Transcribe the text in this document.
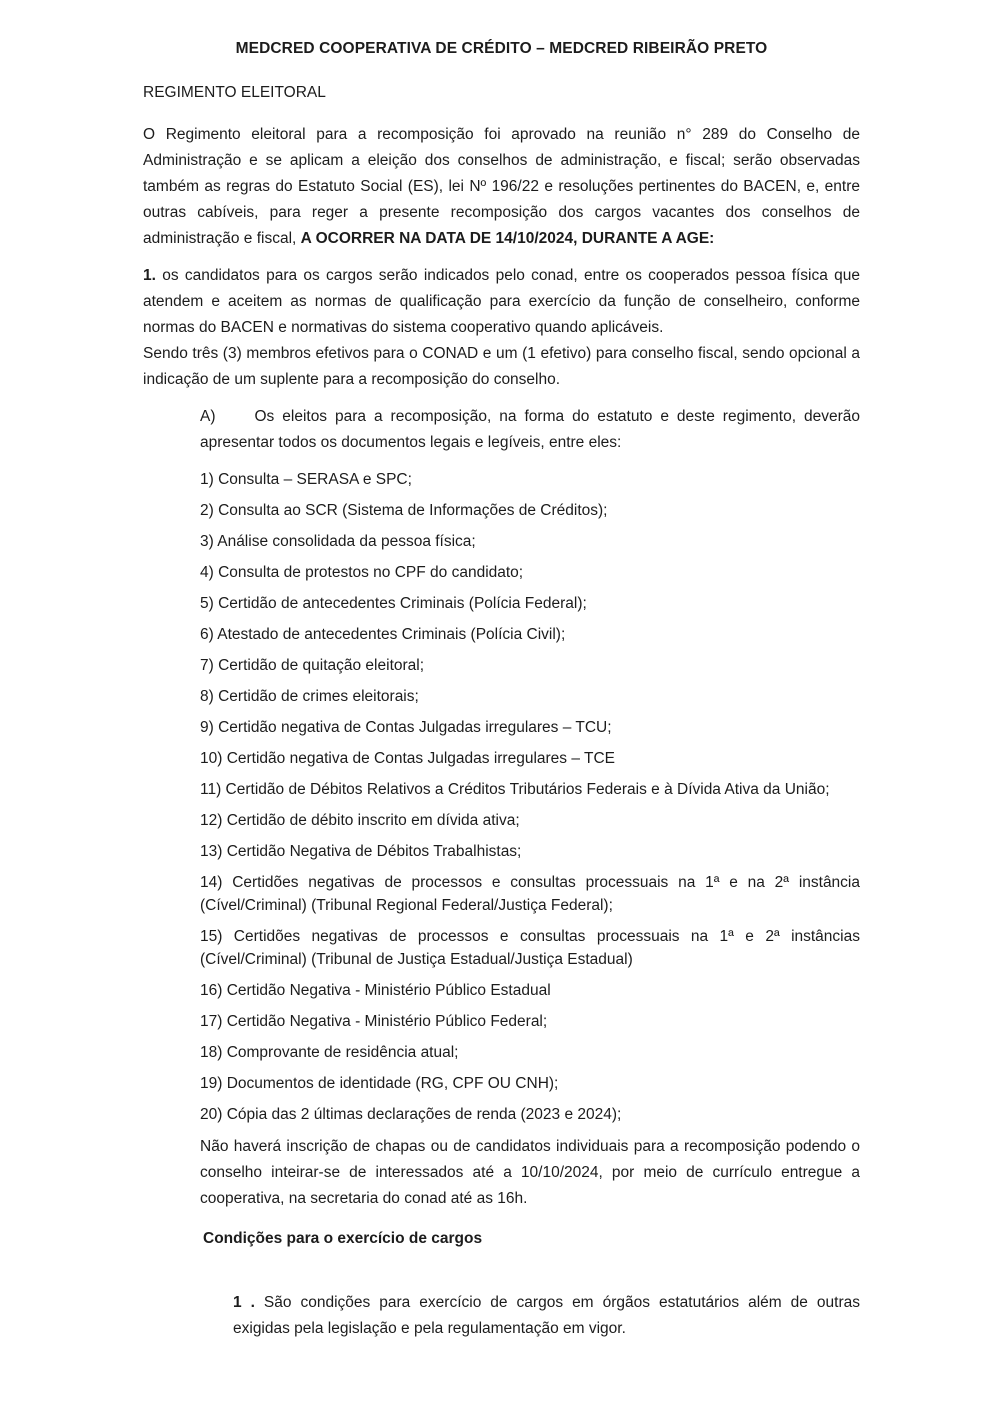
MEDCRED COOPERATIVA DE CRÉDITO – MEDCRED RIBEIRÃO PRETO

REGIMENTO ELEITORAL

O Regimento eleitoral para a recomposição foi aprovado na reunião n° 289 do Conselho de Administração e se aplicam a eleição dos conselhos de administração, e fiscal; serão observadas também as regras do Estatuto Social (ES), lei Nº 196/22 e resoluções pertinentes do BACEN, e, entre outras cabíveis, para reger a presente recomposição dos cargos vacantes dos conselhos de administração e fiscal, A OCORRER NA DATA DE 14/10/2024, DURANTE A AGE:

1. os candidatos para os cargos serão indicados pelo conad, entre os cooperados pessoa física que atendem e aceitem as normas de qualificação para exercício da função de conselheiro, conforme normas do BACEN e normativas do sistema cooperativo quando aplicáveis.

Sendo três (3) membros efetivos para o CONAD e um (1 efetivo) para conselho fiscal, sendo opcional a indicação de um suplente para a recomposição do conselho.

A)	Os eleitos para a recomposição, na forma do estatuto e deste regimento, deverão apresentar todos os documentos legais e legíveis, entre eles:

1) Consulta – SERASA e SPC;

2) Consulta ao SCR (Sistema de Informações de Créditos);

3) Análise consolidada da pessoa física;

4) Consulta de protestos no CPF do candidato;

5) Certidão de antecedentes Criminais (Polícia Federal);

6) Atestado de antecedentes Criminais (Polícia Civil);

7) Certidão de quitação eleitoral;

8) Certidão de crimes eleitorais;

9) Certidão negativa de Contas Julgadas irregulares – TCU;

10) Certidão negativa de Contas Julgadas irregulares – TCE

11) Certidão de Débitos Relativos a Créditos Tributários Federais e à Dívida Ativa da União;

12) Certidão de débito inscrito em dívida ativa;

13) Certidão Negativa de Débitos Trabalhistas;

14) Certidões negativas de processos e consultas processuais na 1ª e na 2ª instância (Cível/Criminal) (Tribunal Regional Federal/Justiça Federal);

15) Certidões negativas de processos e consultas processuais na 1ª e 2ª instâncias (Cível/Criminal) (Tribunal de Justiça Estadual/Justiça Estadual)

16) Certidão Negativa - Ministério Público Estadual

17) Certidão Negativa - Ministério Público Federal;

18) Comprovante de residência atual;

19) Documentos de identidade (RG, CPF OU CNH);

20) Cópia das 2 últimas declarações de renda (2023 e 2024);

Não haverá inscrição de chapas ou de candidatos individuais para a recomposição podendo o conselho inteirar-se de interessados até a 10/10/2024, por meio de currículo entregue a cooperativa, na secretaria do conad até as 16h.

Condições para o exercício de cargos

1 . São condições para exercício de cargos em órgãos estatutários além de outras exigidas pela legislação e pela regulamentação em vigor.
